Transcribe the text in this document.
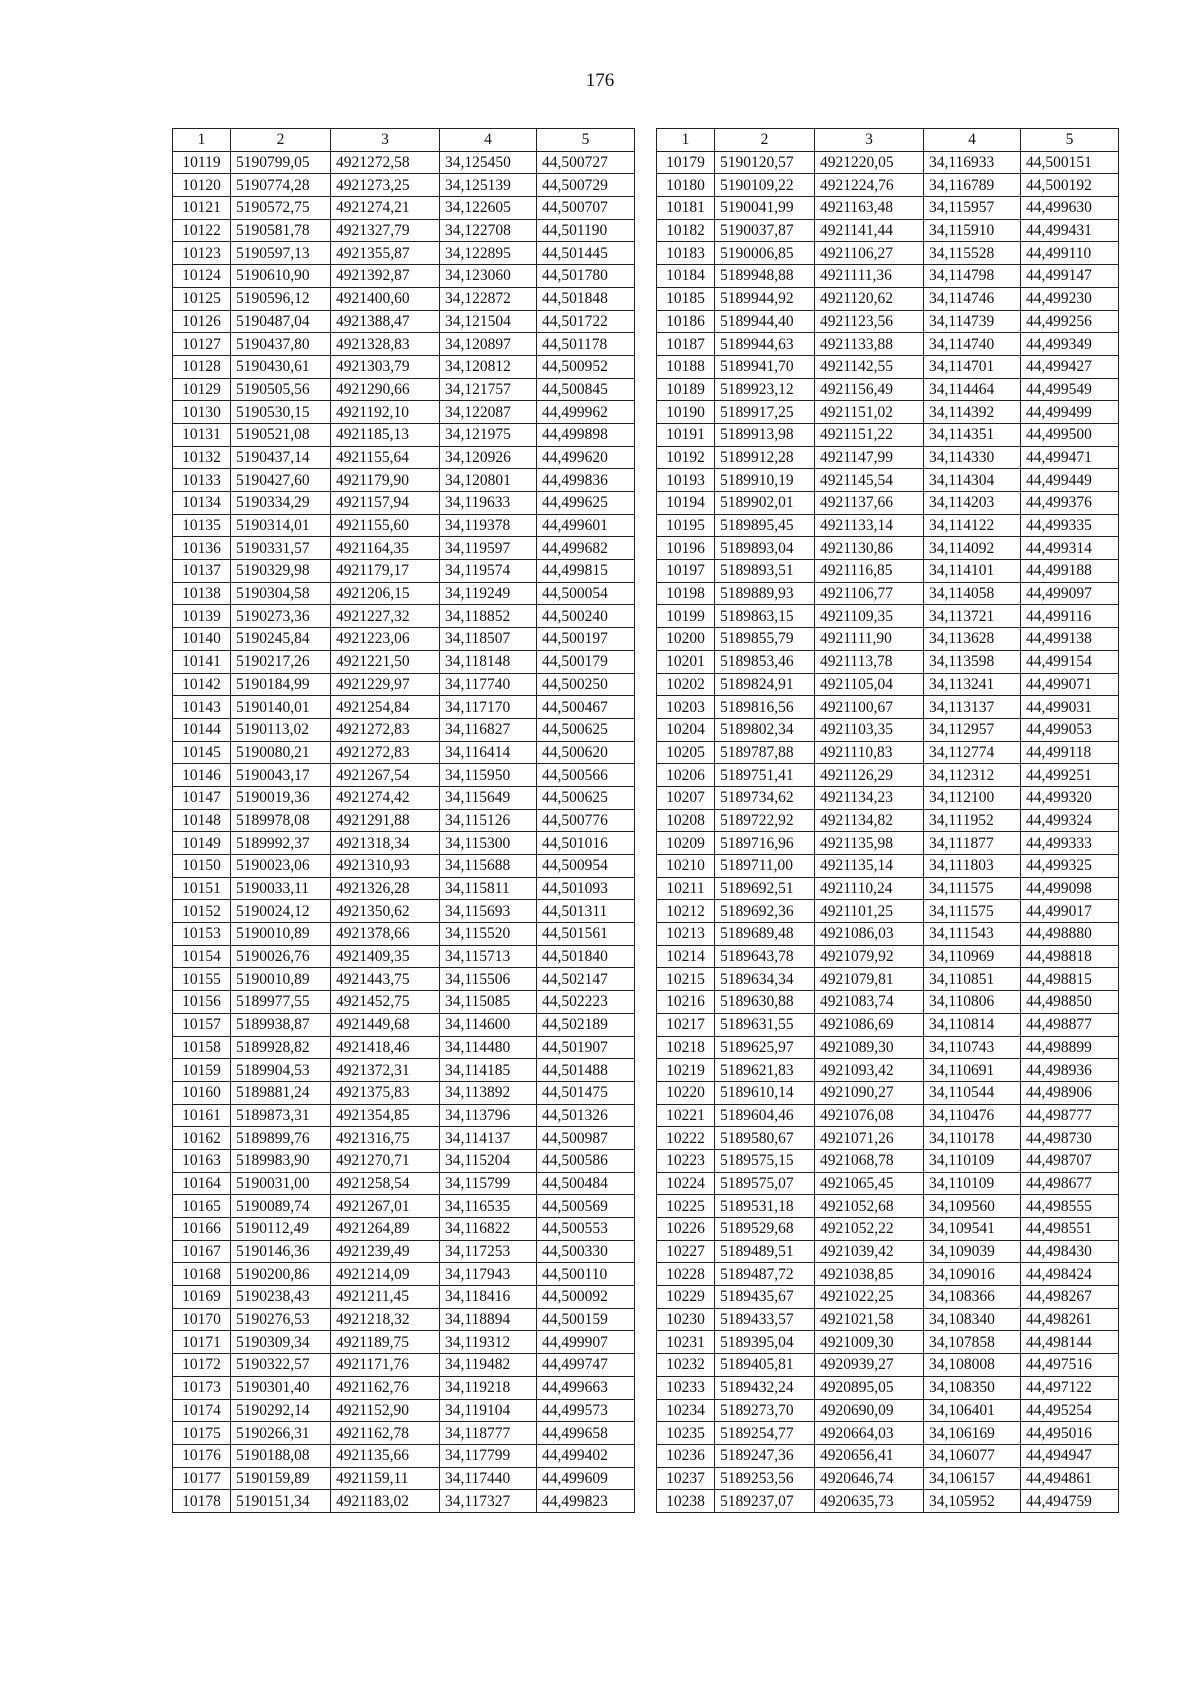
176
1	2	3	4	5
10119	5190799,05	4921272,58	34,125450	44,500727
10120	5190774,28	4921273,25	34,125139	44,500729
10121	5190572,75	4921274,21	34,122605	44,500707
10122	5190581,78	4921327,79	34,122708	44,501190
10123	5190597,13	4921355,87	34,122895	44,501445
10124	5190610,90	4921392,87	34,123060	44,501780
10125	5190596,12	4921400,60	34,122872	44,501848
10126	5190487,04	4921388,47	34,121504	44,501722
10127	5190437,80	4921328,83	34,120897	44,501178
10128	5190430,61	4921303,79	34,120812	44,500952
10129	5190505,56	4921290,66	34,121757	44,500845
10130	5190530,15	4921192,10	34,122087	44,499962
10131	5190521,08	4921185,13	34,121975	44,499898
10132	5190437,14	4921155,64	34,120926	44,499620
10133	5190427,60	4921179,90	34,120801	44,499836
10134	5190334,29	4921157,94	34,119633	44,499625
10135	5190314,01	4921155,60	34,119378	44,499601
10136	5190331,57	4921164,35	34,119597	44,499682
10137	5190329,98	4921179,17	34,119574	44,499815
10138	5190304,58	4921206,15	34,119249	44,500054
10139	5190273,36	4921227,32	34,118852	44,500240
10140	5190245,84	4921223,06	34,118507	44,500197
10141	5190217,26	4921221,50	34,118148	44,500179
10142	5190184,99	4921229,97	34,117740	44,500250
10143	5190140,01	4921254,84	34,117170	44,500467
10144	5190113,02	4921272,83	34,116827	44,500625
10145	5190080,21	4921272,83	34,116414	44,500620
10146	5190043,17	4921267,54	34,115950	44,500566
10147	5190019,36	4921274,42	34,115649	44,500625
10148	5189978,08	4921291,88	34,115126	44,500776
10149	5189992,37	4921318,34	34,115300	44,501016
10150	5190023,06	4921310,93	34,115688	44,500954
10151	5190033,11	4921326,28	34,115811	44,501093
10152	5190024,12	4921350,62	34,115693	44,501311
10153	5190010,89	4921378,66	34,115520	44,501561
10154	5190026,76	4921409,35	34,115713	44,501840
10155	5190010,89	4921443,75	34,115506	44,502147
10156	5189977,55	4921452,75	34,115085	44,502223
10157	5189938,87	4921449,68	34,114600	44,502189
10158	5189928,82	4921418,46	34,114480	44,501907
10159	5189904,53	4921372,31	34,114185	44,501488
10160	5189881,24	4921375,83	34,113892	44,501475
10161	5189873,31	4921354,85	34,113796	44,501326
10162	5189899,76	4921316,75	34,114137	44,500987
10163	5189983,90	4921270,71	34,115204	44,500586
10164	5190031,00	4921258,54	34,115799	44,500484
10165	5190089,74	4921267,01	34,116535	44,500569
10166	5190112,49	4921264,89	34,116822	44,500553
10167	5190146,36	4921239,49	34,117253	44,500330
10168	5190200,86	4921214,09	34,117943	44,500110
10169	5190238,43	4921211,45	34,118416	44,500092
10170	5190276,53	4921218,32	34,118894	44,500159
10171	5190309,34	4921189,75	34,119312	44,499907
10172	5190322,57	4921171,76	34,119482	44,499747
10173	5190301,40	4921162,76	34,119218	44,499663
10174	5190292,14	4921152,90	34,119104	44,499573
10175	5190266,31	4921162,78	34,118777	44,499658
10176	5190188,08	4921135,66	34,117799	44,499402
10177	5190159,89	4921159,11	34,117440	44,499609
10178	5190151,34	4921183,02	34,117327	44,499823
1	2	3	4	5
10179	5190120,57	4921220,05	34,116933	44,500151
10180	5190109,22	4921224,76	34,116789	44,500192
10181	5190041,99	4921163,48	34,115957	44,499630
10182	5190037,87	4921141,44	34,115910	44,499431
10183	5190006,85	4921106,27	34,115528	44,499110
10184	5189948,88	4921111,36	34,114798	44,499147
10185	5189944,92	4921120,62	34,114746	44,499230
10186	5189944,40	4921123,56	34,114739	44,499256
10187	5189944,63	4921133,88	34,114740	44,499349
10188	5189941,70	4921142,55	34,114701	44,499427
10189	5189923,12	4921156,49	34,114464	44,499549
10190	5189917,25	4921151,02	34,114392	44,499499
10191	5189913,98	4921151,22	34,114351	44,499500
10192	5189912,28	4921147,99	34,114330	44,499471
10193	5189910,19	4921145,54	34,114304	44,499449
10194	5189902,01	4921137,66	34,114203	44,499376
10195	5189895,45	4921133,14	34,114122	44,499335
10196	5189893,04	4921130,86	34,114092	44,499314
10197	5189893,51	4921116,85	34,114101	44,499188
10198	5189889,93	4921106,77	34,114058	44,499097
10199	5189863,15	4921109,35	34,113721	44,499116
10200	5189855,79	4921111,90	34,113628	44,499138
10201	5189853,46	4921113,78	34,113598	44,499154
10202	5189824,91	4921105,04	34,113241	44,499071
10203	5189816,56	4921100,67	34,113137	44,499031
10204	5189802,34	4921103,35	34,112957	44,499053
10205	5189787,88	4921110,83	34,112774	44,499118
10206	5189751,41	4921126,29	34,112312	44,499251
10207	5189734,62	4921134,23	34,112100	44,499320
10208	5189722,92	4921134,82	34,111952	44,499324
10209	5189716,96	4921135,98	34,111877	44,499333
10210	5189711,00	4921135,14	34,111803	44,499325
10211	5189692,51	4921110,24	34,111575	44,499098
10212	5189692,36	4921101,25	34,111575	44,499017
10213	5189689,48	4921086,03	34,111543	44,498880
10214	5189643,78	4921079,92	34,110969	44,498818
10215	5189634,34	4921079,81	34,110851	44,498815
10216	5189630,88	4921083,74	34,110806	44,498850
10217	5189631,55	4921086,69	34,110814	44,498877
10218	5189625,97	4921089,30	34,110743	44,498899
10219	5189621,83	4921093,42	34,110691	44,498936
10220	5189610,14	4921090,27	34,110544	44,498906
10221	5189604,46	4921076,08	34,110476	44,498777
10222	5189580,67	4921071,26	34,110178	44,498730
10223	5189575,15	4921068,78	34,110109	44,498707
10224	5189575,07	4921065,45	34,110109	44,498677
10225	5189531,18	4921052,68	34,109560	44,498555
10226	5189529,68	4921052,22	34,109541	44,498551
10227	5189489,51	4921039,42	34,109039	44,498430
10228	5189487,72	4921038,85	34,109016	44,498424
10229	5189435,67	4921022,25	34,108366	44,498267
10230	5189433,57	4921021,58	34,108340	44,498261
10231	5189395,04	4921009,30	34,107858	44,498144
10232	5189405,81	4920939,27	34,108008	44,497516
10233	5189432,24	4920895,05	34,108350	44,497122
10234	5189273,70	4920690,09	34,106401	44,495254
10235	5189254,77	4920664,03	34,106169	44,495016
10236	5189247,36	4920656,41	34,106077	44,494947
10237	5189253,56	4920646,74	34,106157	44,494861
10238	5189237,07	4920635,73	34,105952	44,494759
